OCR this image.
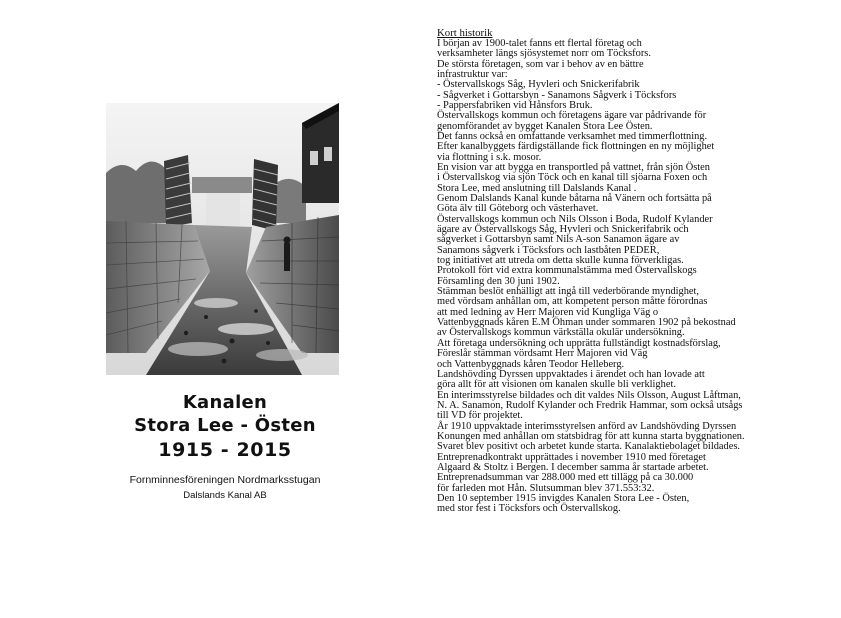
Kanalen
Stora Lee - Östen
1915 - 2015
Fornminnesföreningen Nordmarksstugan
Dalslands Kanal AB
Kort historik
I början av 1900-talet fanns ett flertal företag och
verksamheter längs sjösystemet norr om Töcksfors.
De största företagen, som var i behov av en bättre
infrastruktur var:
- Östervallskogs Såg, Hyvleri och Snickerifabrik
- Sågverket i Gottarsbyn - Sanamons Sågverk i Töcksfors
- Pappersfabriken vid Hånsfors Bruk.
Östervallskogs kommun och företagens ägare var pådrivande för
genomförandet av bygget Kanalen Stora Lee Östen.
Det fanns också en omfattande verksamhet med timmerflottning.
Efter kanalbyggets färdigställande fick flottningen en ny möjlighet
via flottning i s.k. mosor.
En vision var att bygga en transportled på vattnet, från sjön Östen
i Östervallskog via sjön Töck och en kanal till sjöarna Foxen och
Stora Lee, med anslutning till Dalslands Kanal .
Genom Dalslands Kanal kunde båtarna nå Vänern och fortsätta på
Göta älv till Göteborg och västerhavet.
Östervallskogs kommun och Nils Olsson i Boda, Rudolf Kylander
ägare av Östervallskogs Såg, Hyvleri och Snickerifabrik och
sågverket i Gottarsbyn samt Nils A-son Sanamon ägare av
Sanamons sågverk i Töcksfors och lastbåten PEDER,
tog initiativet att utreda om detta skulle kunna förverkligas.
Protokoll fört vid extra kommunalstämma med Östervallskogs
Församling den 30 juni 1902.
Stämman beslöt enhälligt att ingå till vederbörande myndighet,
med vördsam anhållan om, att kompetent person måtte förordnas
att med ledning av Herr Majoren vid Kungliga Väg o
Vattenbyggnads kåren E.M Öhman under sommaren 1902 på bekostnad
av Östervallskogs kommun värkställa okulär undersökning.
Att företaga undersökning och upprätta fullständigt kostnadsförslag,
Föreslår stämman vördsamt Herr Majoren vid Väg
och Vattenbyggnads kåren Teodor Helleberg.
Landshövding Dyrssen uppvaktades i ärendet och han lovade att
göra allt för att visionen om kanalen skulle bli verklighet.
En interimsstyrelse bildades och dit valdes Nils Olsson, August Låftman,
N. A. Sanamon, Rudolf Kylander och Fredrik Hammar, som också utsågs
till VD för projektet.
År 1910 uppvaktade interimsstyrelsen anförd av Landshövding Dyrssen
Konungen med anhållan om statsbidrag för att kunna starta byggnationen.
Svaret blev positivt och arbetet kunde starta. Kanalaktiebolaget bildades.
Entreprenadkontrakt upprättades i november 1910 med företaget
Algaard & Stoltz i Bergen. I december samma år startade arbetet.
Entreprenadsumman var 288.000 med ett tillägg på ca 30.000
för farleden mot Hån. Slutsumman blev 371.553:32.
Den 10 september 1915 invigdes Kanalen Stora Lee - Östen,
med stor fest i Töcksfors och Östervallskog.
